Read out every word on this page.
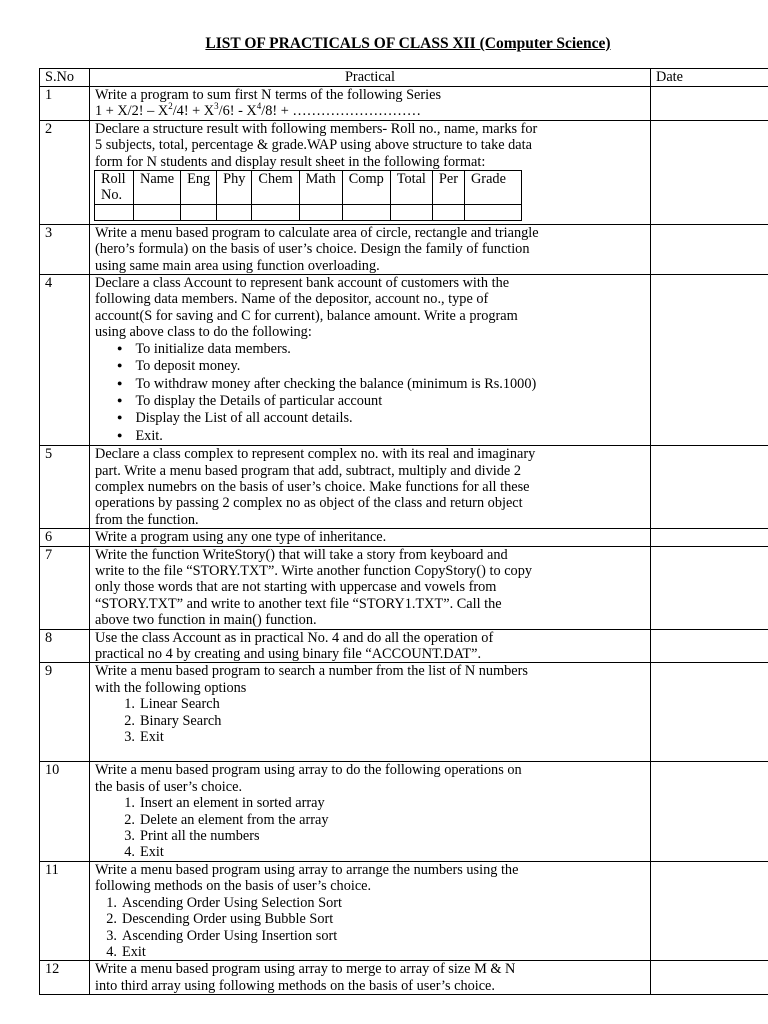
LIST OF PRACTICALS OF CLASS XII (Computer Science)
S.No	Practical	Date
1	Write a program to sum first N terms of the following Series
1 + X/2! – $X^2/4$! + $X^3/6$! - $X^4/8$! + ………………………

2	Declare a structure result with following members- Roll no., name, marks for
5 subjects, total, percentage & grade.WAP using above structure to take data
form for N students and display result sheet in the following format:
Roll No.	Name	Eng	Phy	Chem	Math	Comp	Total	Per	Grade

3	Write a menu based program to calculate area of circle, rectangle and triangle
(hero’s formula) on the basis of user’s choice. Design the family of function
using same main area using function overloading.

4	Declare a class Account to represent bank account of customers with the
following data members. Name of the depositor, account no., type of
account(S for saving and C for current), balance amount. Write a program
using above class to do the following:
● To initialize data members.
● To deposit money.
● To withdraw money after checking the balance (minimum is Rs.1000)
● To display the Details of particular account
● Display the List of all account details.
● Exit.

5	Declare a class complex to represent complex no. with its real and imaginary
part. Write a menu based program that add, subtract, multiply and divide 2
complex numebrs on the basis of user’s choice. Make functions for all these
operations by passing 2 complex no as object of the class and return object
from the function.

6	Write a program using any one type of inheritance.

7	Write the function WriteStory() that will take a story from keyboard and
write to the file “STORY.TXT”. Wirte another function CopyStory() to copy
only those words that are not starting with uppercase and vowels from
“STORY.TXT” and write to another text file “STORY1.TXT”. Call the
above two function in main() function.

8	Use the class Account as in practical No. 4 and do all the operation of
practical no 4 by creating and using binary file “ACCOUNT.DAT”.

9	Write a menu based program to search a number from the list of N numbers
with the following options
1. Linear Search
2. Binary Search
3. Exit

10	Write a menu based program using array to do the following operations on
the basis of user’s choice.
1. Insert an element in sorted array
2. Delete an element from the array
3. Print all the numbers
4. Exit

11	Write a menu based program using array to arrange the numbers using the
following methods on the basis of user’s choice.
1. Ascending Order Using Selection Sort
2. Descending Order using Bubble Sort
3. Ascending Order Using Insertion sort
4. Exit

12	Write a menu based program using array to merge to array of size M & N
into third array using following methods on the basis of user’s choice.
